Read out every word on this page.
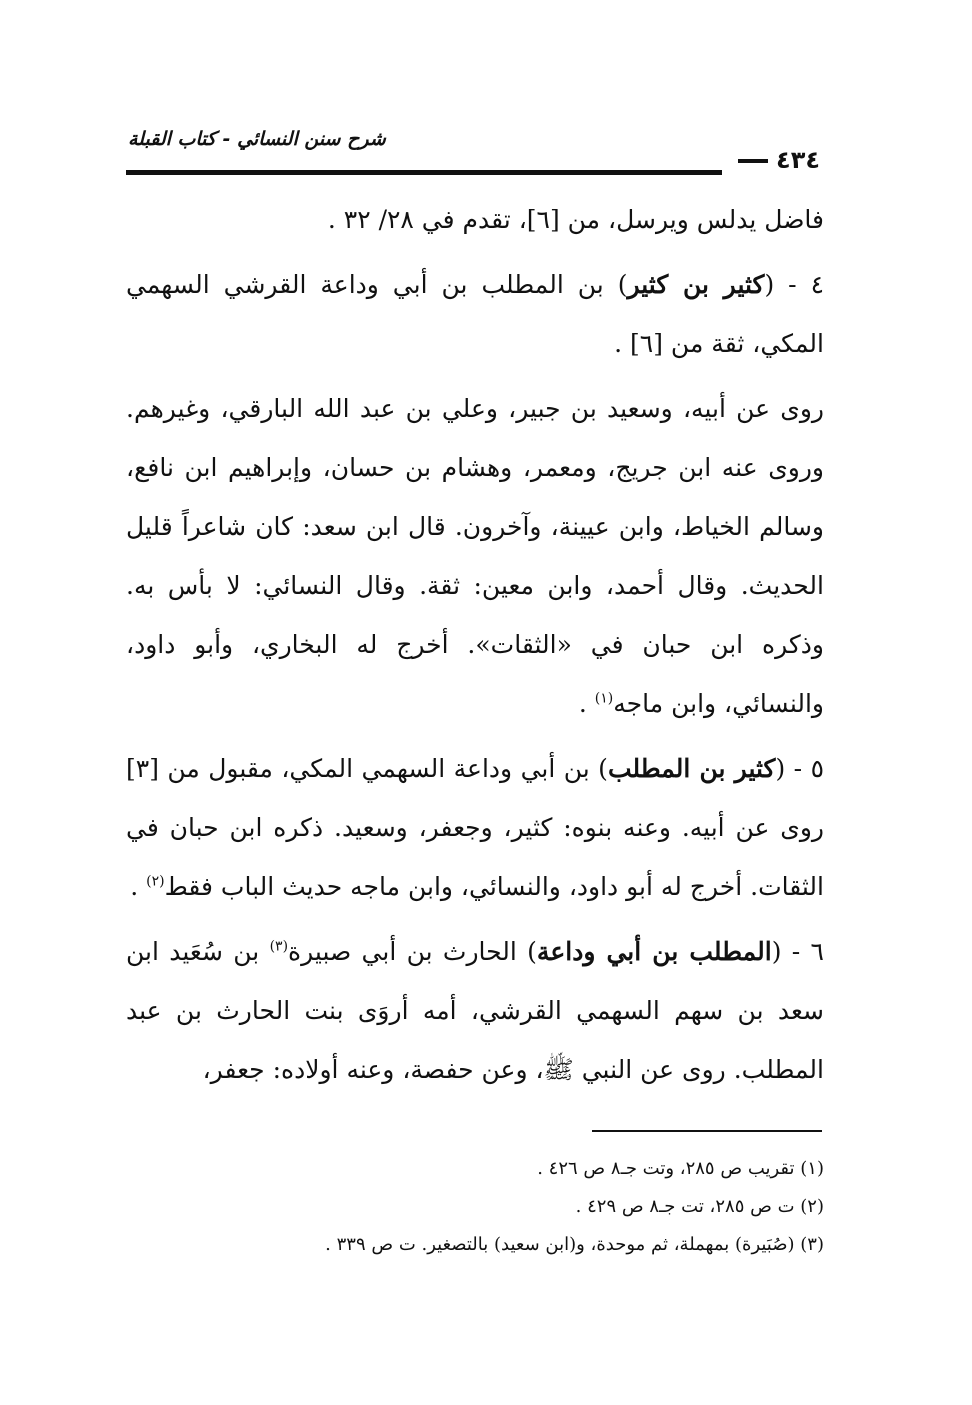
شرح سنن النسائي - كتاب القبلة
٤٣٤

فاضل يدلس ويرسل، من [٦]، تقدم في ٢٨/ ٣٢ .

٤ - (كثير بن كثير) بن المطلب بن أبي وداعة القرشي السهمي المكي، ثقة من [٦] .

روى عن أبيه، وسعيد بن جبير، وعلي بن عبد الله البارقي، وغيرهم. وروى عنه ابن جريج، ومعمر، وهشام بن حسان، وإبراهيم ابن نافع، وسالم الخياط، وابن عيينة، وآخرون. قال ابن سعد: كان شاعراً قليل الحديث. وقال أحمد، وابن معين: ثقة. وقال النسائي: لا بأس به. وذكره ابن حبان في «الثقات». أخرج له البخاري، وأبو داود، والنسائي، وابن ماجه$^{(١)}$ .

٥ - (كثير بن المطلب) بن أبي وداعة السهمي المكي، مقبول من [٣] روى عن أبيه. وعنه بنوه: كثير، وجعفر، وسعيد. ذكره ابن حبان في الثقات. أخرج له أبو داود، والنسائي، وابن ماجه حديث الباب فقط$^{(٢)}$ .

٦ - (المطلب بن أبي وداعة) الحارث بن أبي صبيرة$^{(٣)}$ بن سُعَيد ابن سعد بن سهم السهمي القرشي، أمه أروَى بنت الحارث بن عبد المطلب. روى عن النبي ﷺ، وعن حفصة، وعنه أولاده: جعفر،

(١) تقريب ص ٢٨٥، وتت جـ٨ ص ٤٢٦ .
(٢) ت ص ٢٨٥، تت جـ٨ ص ٤٢٩ .
(٣) (صُبَيرة) بمهملة، ثم موحدة، و(ابن سعيد) بالتصغير. ت ص ٣٣٩ .
